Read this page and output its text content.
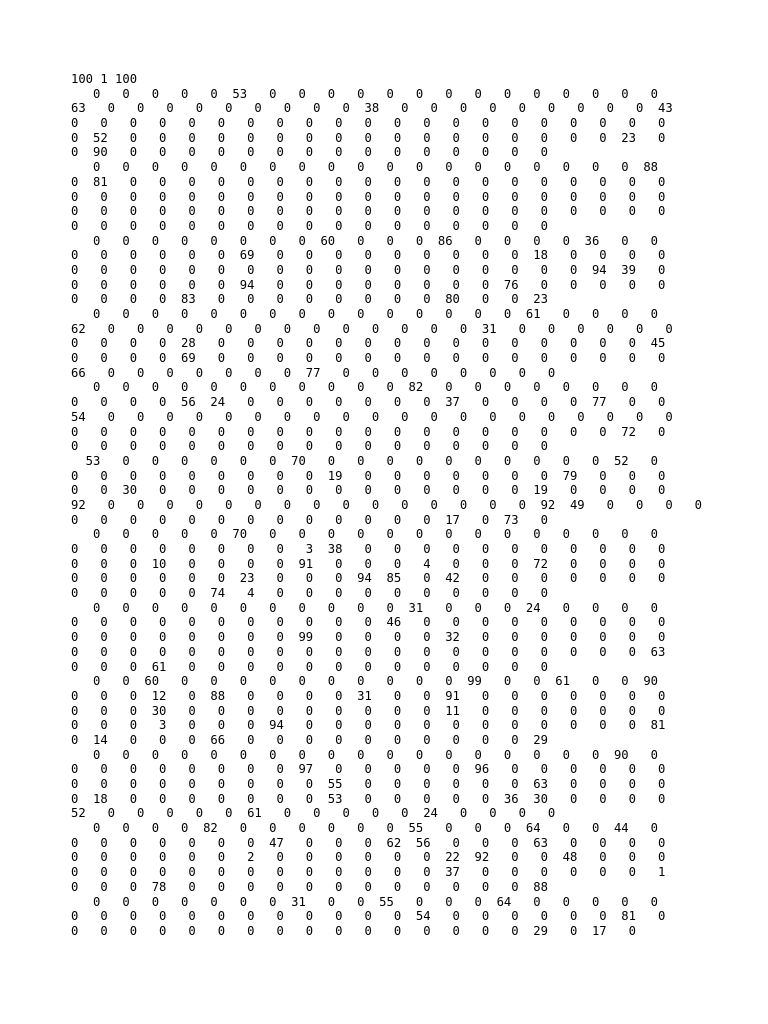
100 1 100
0   0   0   0   0  53   0   0   0   0   0   0   0   0   0   0   0   0   0   0
63   0   0   0   0   0   0   0   0   0  38   0   0   0   0   0   0   0   0   0  43
0   0   0   0   0   0   0   0   0   0   0   0   0   0   0   0   0   0   0   0   0
0  52   0   0   0   0   0   0   0   0   0   0   0   0   0   0   0   0   0  23   0
0  90   0   0   0   0   0   0   0   0   0   0   0   0   0   0   0
0   0   0   0   0   0   0   0   0   0   0   0   0   0   0   0   0   0   0  88
0  81   0   0   0   0   0   0   0   0   0   0   0   0   0   0   0   0   0   0   0
0   0   0   0   0   0   0   0   0   0   0   0   0   0   0   0   0   0   0   0   0
0   0   0   0   0   0   0   0   0   0   0   0   0   0   0   0   0   0   0   0   0
0   0   0   0   0   0   0   0   0   0   0   0   0   0   0   0   0
0   0   0   0   0   0   0   0  60   0   0   0  86   0   0   0   0  36   0   0
0   0   0   0   0   0  69   0   0   0   0   0   0   0   0   0  18   0   0   0   0
0   0   0   0   0   0   0   0   0   0   0   0   0   0   0   0   0   0  94  39   0
0   0   0   0   0   0  94   0   0   0   0   0   0   0   0  76   0   0   0   0   0
0   0   0   0  83   0   0   0   0   0   0   0   0  80   0   0  23
0   0   0   0   0   0   0   0   0   0   0   0   0   0   0  61   0   0   0   0
62   0   0   0   0   0   0   0   0   0   0   0   0   0  31   0   0   0   0   0   0
0   0   0   0  28   0   0   0   0   0   0   0   0   0   0   0   0   0   0   0  45
0   0   0   0  69   0   0   0   0   0   0   0   0   0   0   0   0   0   0   0   0
66   0   0   0   0   0   0   0  77   0   0   0   0   0   0   0   0
0   0   0   0   0   0   0   0   0   0   0  82   0   0   0   0   0   0   0   0
0   0   0   0  56  24   0   0   0   0   0   0   0  37   0   0   0   0  77   0   0
54   0   0   0   0   0   0   0   0   0   0   0   0   0   0   0   0   0   0   0   0
0   0   0   0   0   0   0   0   0   0   0   0   0   0   0   0   0   0   0  72   0
0   0   0   0   0   0   0   0   0   0   0   0   0   0   0   0   0
53   0   0   0   0   0   0  70   0   0   0   0   0   0   0   0   0   0  52   0
0   0   0   0   0   0   0   0   0  19   0   0   0   0   0   0   0  79   0   0   0
0   0  30   0   0   0   0   0   0   0   0   0   0   0   0   0  19   0   0   0   0
92   0   0   0   0   0   0   0   0   0   0   0   0   0   0   0  92  49   0   0   0   0
0   0   0   0   0   0   0   0   0   0   0   0   0  17   0  73   0
0   0   0   0   0  70   0   0   0   0   0   0   0   0   0   0   0   0   0   0
0   0   0   0   0   0   0   0   3  38   0   0   0   0   0   0   0   0   0   0   0
0   0   0  10   0   0   0   0  91   0   0   0   4   0   0   0  72   0   0   0   0
0   0   0   0   0   0  23   0   0   0  94  85   0  42   0   0   0   0   0   0   0
0   0   0   0   0  74   4   0   0   0   0   0   0   0   0   0   0
0   0   0   0   0   0   0   0   0   0   0  31   0   0   0  24   0   0   0   0
0   0   0   0   0   0   0   0   0   0   0  46   0   0   0   0   0   0   0   0   0
0   0   0   0   0   0   0   0  99   0   0   0   0  32   0   0   0   0   0   0   0
0   0   0   0   0   0   0   0   0   0   0   0   0   0   0   0   0   0   0   0  63
0   0   0  61   0   0   0   0   0   0   0   0   0   0   0   0   0
0   0  60   0   0   0   0   0   0   0   0   0   0  99   0   0  61   0   0  90
0   0   0  12   0  88   0   0   0   0  31   0   0  91   0   0   0   0   0   0   0
0   0   0  30   0   0   0   0   0   0   0   0   0  11   0   0   0   0   0   0   0
0   0   0   3   0   0   0  94   0   0   0   0   0   0   0   0   0   0   0   0  81
0  14   0   0   0  66   0   0   0   0   0   0   0   0   0   0  29
0   0   0   0   0   0   0   0   0   0   0   0   0   0   0   0   0   0  90   0
0   0   0   0   0   0   0   0  97   0   0   0   0   0  96   0   0   0   0   0   0
0   0   0   0   0   0   0   0   0  55   0   0   0   0   0   0  63   0   0   0   0
0  18   0   0   0   0   0   0   0  53   0   0   0   0   0  36  30   0   0   0   0
52   0   0   0   0   0  61   0   0   0   0   0  24   0   0   0   0
0   0   0   0  82   0   0   0   0   0   0  55   0   0   0  64   0   0  44   0
0   0   0   0   0   0   0  47   0   0   0  62  56   0   0   0  63   0   0   0   0
0   0   0   0   0   0   2   0   0   0   0   0   0  22  92   0   0  48   0   0   0
0   0   0   0   0   0   0   0   0   0   0   0   0  37   0   0   0   0   0   0   1
0   0   0  78   0   0   0   0   0   0   0   0   0   0   0   0  88
0   0   0   0   0   0   0  31   0   0  55   0   0   0  64   0   0   0   0   0
0   0   0   0   0   0   0   0   0   0   0   0  54   0   0   0   0   0   0  81   0
0   0   0   0   0   0   0   0   0   0   0   0   0   0   0   0  29   0  17   0
